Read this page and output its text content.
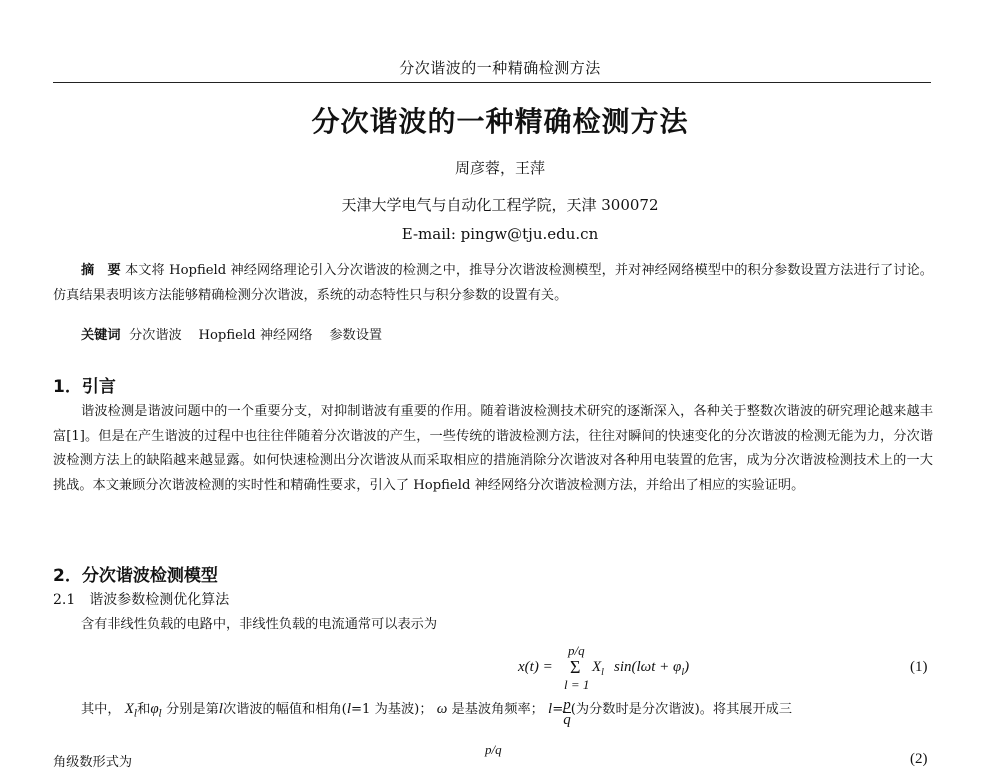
分次谐波的一种精确检测方法
分次谐波的一种精确检测方法
周彦蓉，王萍
天津大学电气与自动化工程学院，天津 300072
E-mail: pingw@tju.edu.cn
摘　要 本文将 Hopfield 神经网络理论引入分次谐波的检测之中，推导分次谐波检测模型，并对神经网络模型中的积分参数设置方法进行了讨论。仿真结果表明该方法能够精确检测分次谐波，系统的动态特性只与积分参数的设置有关。
关键词 分次谐波 Hopfield 神经网络 参数设置
1．引言
谐波检测是谐波问题中的一个重要分支，对抑制谐波有重要的作用。随着谐波检测技术研究的逐渐深入，各种关于整数次谐波的研究理论越来越丰富[1]。但是在产生谐波的过程中也往往伴随着分次谐波的产生，一些传统的谐波检测方法，往往对瞬间的快速变化的分次谐波的检测无能为力，分次谐波检测方法上的缺陷越来越显露。如何快速检测出分次谐波从而采取相应的措施消除分次谐波对各种用电装置的危害，成为分次谐波检测技术上的一大挑战。本文兼顾分次谐波检测的实时性和精确性要求，引入了 Hopfield 神经网络分次谐波检测方法，并给出了相应的实验证明。
2．分次谐波检测模型
2.1　谐波参数检测优化算法
含有非线性负载的电路中，非线性负载的电流通常可以表示为
x(t) =
p/q
Σ
l = 1
$X_l$ $\sin(l\omega t + \varphi_l)$	(1)
其中， $X_l$和$\varphi_l$ 分别是第l次谐波的幅值和相角(l=1 为基波)； ω 是基波角频率； $l= \frac{p}{q}$ (为分数时是分次谐波)。将其展开成三
角级数形式为
p/q
(2)
